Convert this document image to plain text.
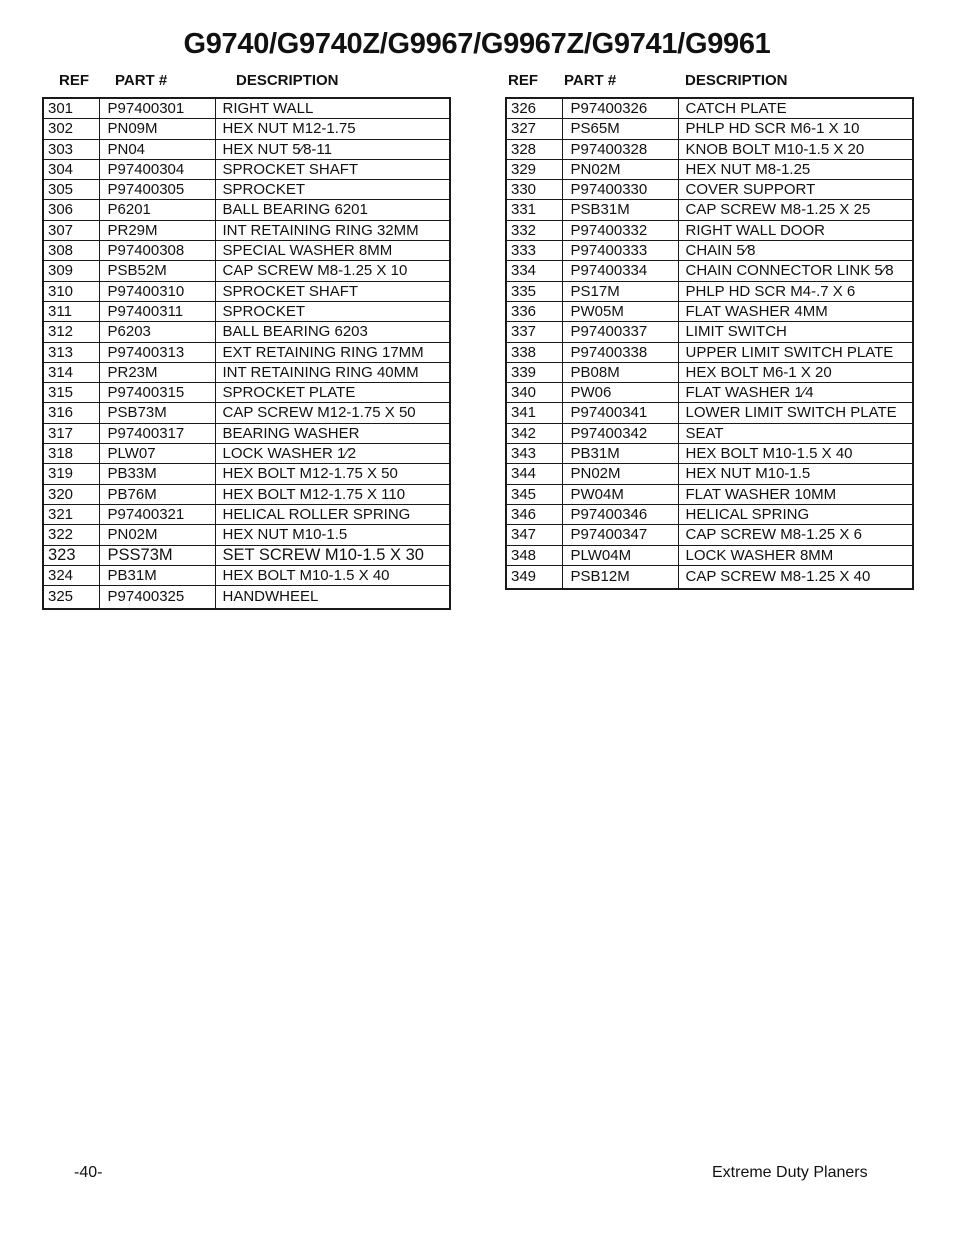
G9740/G9740Z/G9967/G9967Z/G9741/G9961
REF PART #	DESCRIPTION	REF PART #	DESCRIPTION
301	P97400301	RIGHT WALL
302	PN09M	HEX NUT M12-1.75
303	PN04	HEX NUT 5⁄8-11
304	P97400304	SPROCKET SHAFT
305	P97400305	SPROCKET
306	P6201	BALL BEARING 6201
307	PR29M	INT RETAINING RING 32MM
308	P97400308	SPECIAL WASHER 8MM
309	PSB52M	CAP SCREW M8-1.25 X 10
310	P97400310	SPROCKET SHAFT
311	P97400311	SPROCKET
312	P6203	BALL BEARING 6203
313	P97400313	EXT RETAINING RING 17MM
314	PR23M	INT RETAINING RING 40MM
315	P97400315	SPROCKET PLATE
316	PSB73M	CAP SCREW M12-1.75 X 50
317	P97400317	BEARING WASHER
318	PLW07	LOCK WASHER 1⁄2
319	PB33M	HEX BOLT M12-1.75 X 50
320	PB76M	HEX BOLT M12-1.75 X 110
321	P97400321	HELICAL ROLLER SPRING
322	PN02M	HEX NUT M10-1.5
323	PSS73M	SET SCREW M10-1.5 X 30
324	PB31M	HEX BOLT M10-1.5 X 40
325	P97400325	HANDWHEEL
326	P97400326	CATCH PLATE
327	PS65M	PHLP HD SCR M6-1 X 10
328	P97400328	KNOB BOLT M10-1.5 X 20
329	PN02M	HEX NUT M8-1.25
330	P97400330	COVER SUPPORT
331	PSB31M	CAP SCREW M8-1.25 X 25
332	P97400332	RIGHT WALL DOOR
333	P97400333	CHAIN 5⁄8
334	P97400334	CHAIN CONNECTOR LINK 5⁄8
335	PS17M	PHLP HD SCR M4-.7 X 6
336	PW05M	FLAT WASHER 4MM
337	P97400337	LIMIT SWITCH
338	P97400338	UPPER LIMIT SWITCH PLATE
339	PB08M	HEX BOLT M6-1 X 20
340	PW06	FLAT WASHER 1⁄4
341	P97400341	LOWER LIMIT SWITCH PLATE
342	P97400342	SEAT
343	PB31M	HEX BOLT M10-1.5 X 40
344	PN02M	HEX NUT M10-1.5
345	PW04M	FLAT WASHER 10MM
346	P97400346	HELICAL SPRING
347	P97400347	CAP SCREW M8-1.25 X 6
348	PLW04M	LOCK WASHER 8MM
349	PSB12M	CAP SCREW M8-1.25 X 40
-40-	Extreme Duty Planers
